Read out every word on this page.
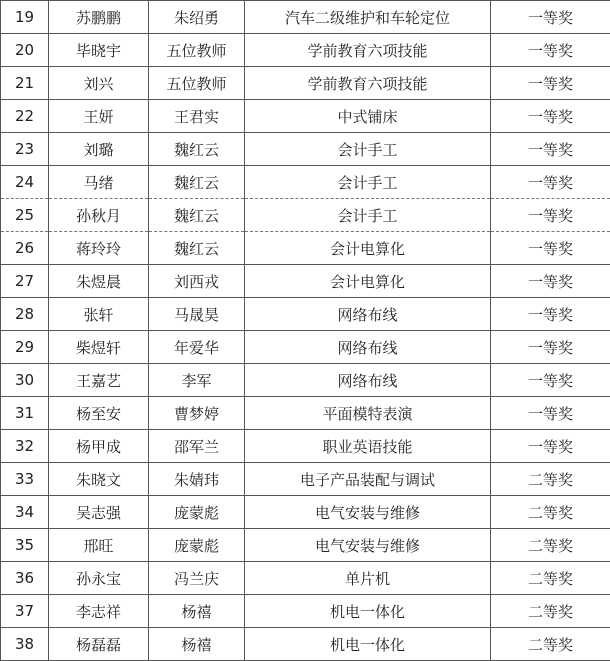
19	苏鹏鹏	朱绍勇	汽车二级维护和车轮定位	一等奖
20	毕晓宇	五位教师	学前教育六项技能	一等奖
21	刘兴	五位教师	学前教育六项技能	一等奖
22	王妍	王君实	中式铺床	一等奖
23	刘璐	魏红云	会计手工	一等奖
24	马绪	魏红云	会计手工	一等奖
25	孙秋月	魏红云	会计手工	一等奖
26	蒋玲玲	魏红云	会计电算化	一等奖
27	朱煜晨	刘西戎	会计电算化	一等奖
28	张轩	马晟昊	网络布线	一等奖
29	柴煜轩	年爱华	网络布线	一等奖
30	王嘉艺	李军	网络布线	一等奖
31	杨至安	曹梦婷	平面模特表演	一等奖
32	杨甲成	邵军兰	职业英语技能	一等奖
33	朱晓文	朱婧玮	电子产品装配与调试	二等奖
34	吴志强	庞蒙彪	电气安装与维修	二等奖
35	邢旺	庞蒙彪	电气安装与维修	二等奖
36	孙永宝	冯兰庆	单片机	二等奖
37	李志祥	杨禧	机电一体化	二等奖
38	杨磊磊	杨禧	机电一体化	二等奖
